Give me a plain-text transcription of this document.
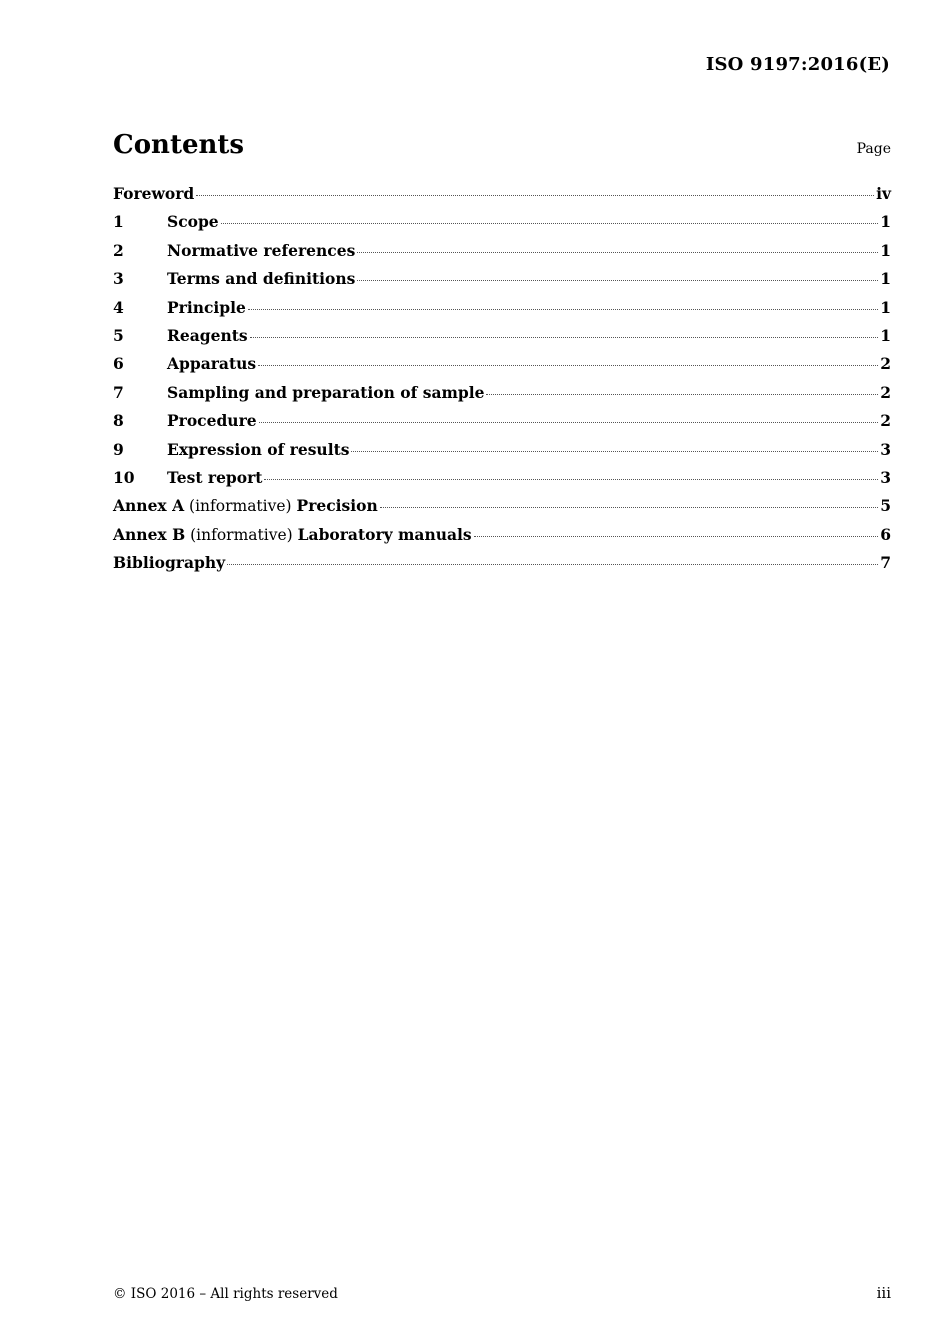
ISO 9197:2016(E)
Contents	Page
Foreword	iv
1	Scope	1
2	Normative references	1
3	Terms and definitions	1
4	Principle	1
5	Reagents	1
6	Apparatus	2
7	Sampling and preparation of sample	2
8	Procedure	2
9	Expression of results	3
10	Test report	3
Annex A (informative) Precision	5
Annex B (informative) Laboratory manuals	6
Bibliography	7
© ISO 2016 – All rights reserved	iii
